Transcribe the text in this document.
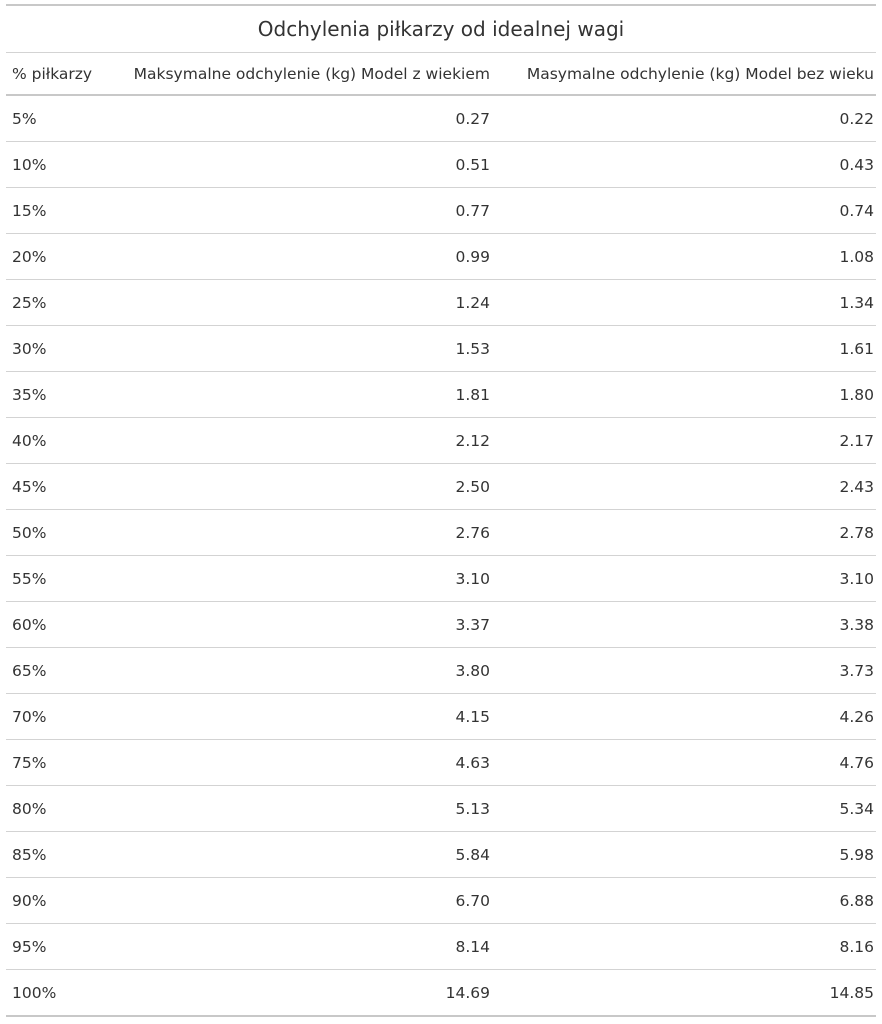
Odchylenia piłkarzy od idealnej wagi
% piłkarzy	Maksymalne odchylenie (kg) Model z wiekiem	Masymalne odchylenie (kg) Model bez wieku
5%	0.27	0.22
10%	0.51	0.43
15%	0.77	0.74
20%	0.99	1.08
25%	1.24	1.34
30%	1.53	1.61
35%	1.81	1.80
40%	2.12	2.17
45%	2.50	2.43
50%	2.76	2.78
55%	3.10	3.10
60%	3.37	3.38
65%	3.80	3.73
70%	4.15	4.26
75%	4.63	4.76
80%	5.13	5.34
85%	5.84	5.98
90%	6.70	6.88
95%	8.14	8.16
100%	14.69	14.85
